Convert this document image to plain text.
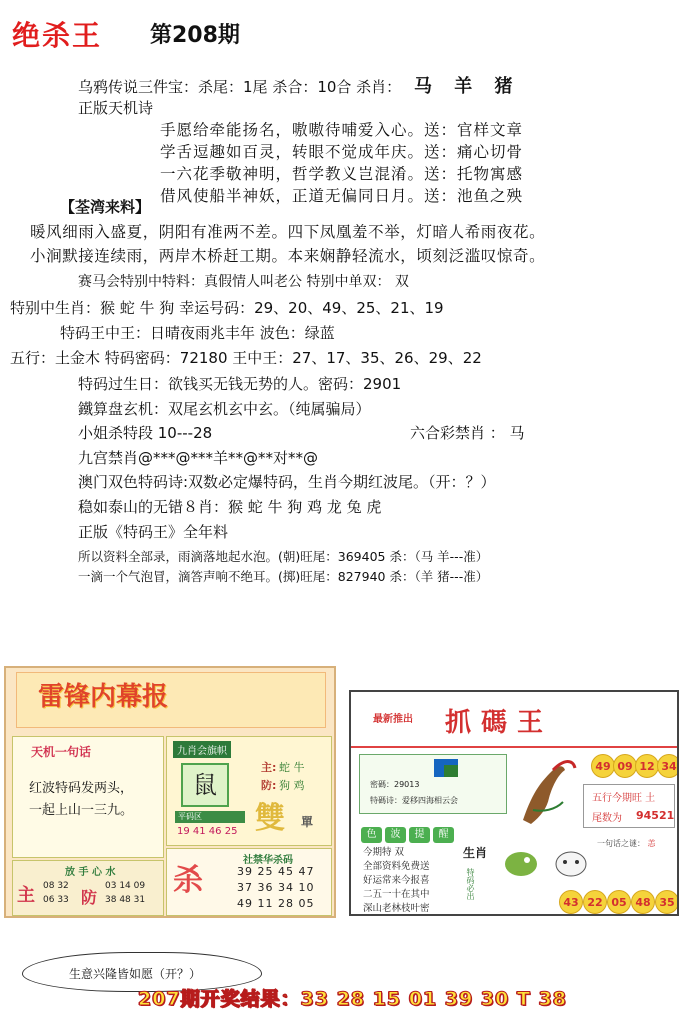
绝杀王 第208期
乌鸦传说三件宝：杀尾：1尾 杀合：10合 杀肖： 马 羊 猪
正版天机诗
手愿给牵能扬名，嗷嗷待哺爱入心。送：官样文章
学舌逗趣如百灵，转眼不觉成年庆。送：痛心切骨
一六花季敬神明，哲学教义岂混淆。送：托物寓感
借风使船半神妖，正道无偏同日月。送：池鱼之殃
【荃湾来料】
暖风细雨入盛夏，阴阳有准两不差。四下凤凰羞不举，灯暗人希雨夜花。
小涧默接连续雨，两岸木桥赶工期。本来娴静轻流水，顷刻泛滥叹惊奇。
赛马会特别中特料：真假情人叫老公 特别中单双： 双
特别中生肖：猴 蛇 牛 狗 幸运号码：29、20、49、25、21、19
特码王中王：日晴夜雨兆丰年 波色：绿蓝
五行：土金木 特码密码：72180 王中王：27、17、35、26、29、22
特码过生日：欲钱买无钱无势的人。密码：2901
鐵算盘玄机：双尾玄机玄中玄。（纯属骗局）
小姐杀特段 10---28	六合彩禁肖 ： 马
九宫禁肖@***@***羊**@**对**@
澳门双色特码诗:双数必定爆特码，生肖今期红波尾。（开：？）
稳如泰山的无错８肖：猴 蛇 牛 狗 鸡 龙 兔 虎
正版《特码王》全年料
所以资料全部录，雨滴落地起水泡。(朝)旺尾：369405 杀：（马 羊---准）
一滴一个气泡冒，滴答声响不绝耳。(掷)旺尾：827940 杀：（羊 猪---准）
雷锋内幕报
天机一句话
红波特码发两头，
一起上山一三九。
九肖会旗帜
鼠
主: 蛇 牛
防: 狗 鸡
平码区
19 41 46 25 雙 單
放 手 心 水
主 08 32
06 33 防
03 14 09
38 48 31
杀
社禁华杀码
39 25 45 47
37 36 34 10
49 11 28 05
最新推出 抓碼王
密碼：29013
特碼诗：爱移四海相云会
49 09 12 34
五行今期旺 土
尾数为 94521
色 波 提 醒
今期特 双
全部资料免费送
好运常来今报喜
二五一十在其中
深山老林枝叶密
生肖
特码必出
一句话之谜： 恙
43 22 05 48 35
生意兴隆皆如愿（开？）
207期开奖结果：33 28 15 01 39 30 T 38
